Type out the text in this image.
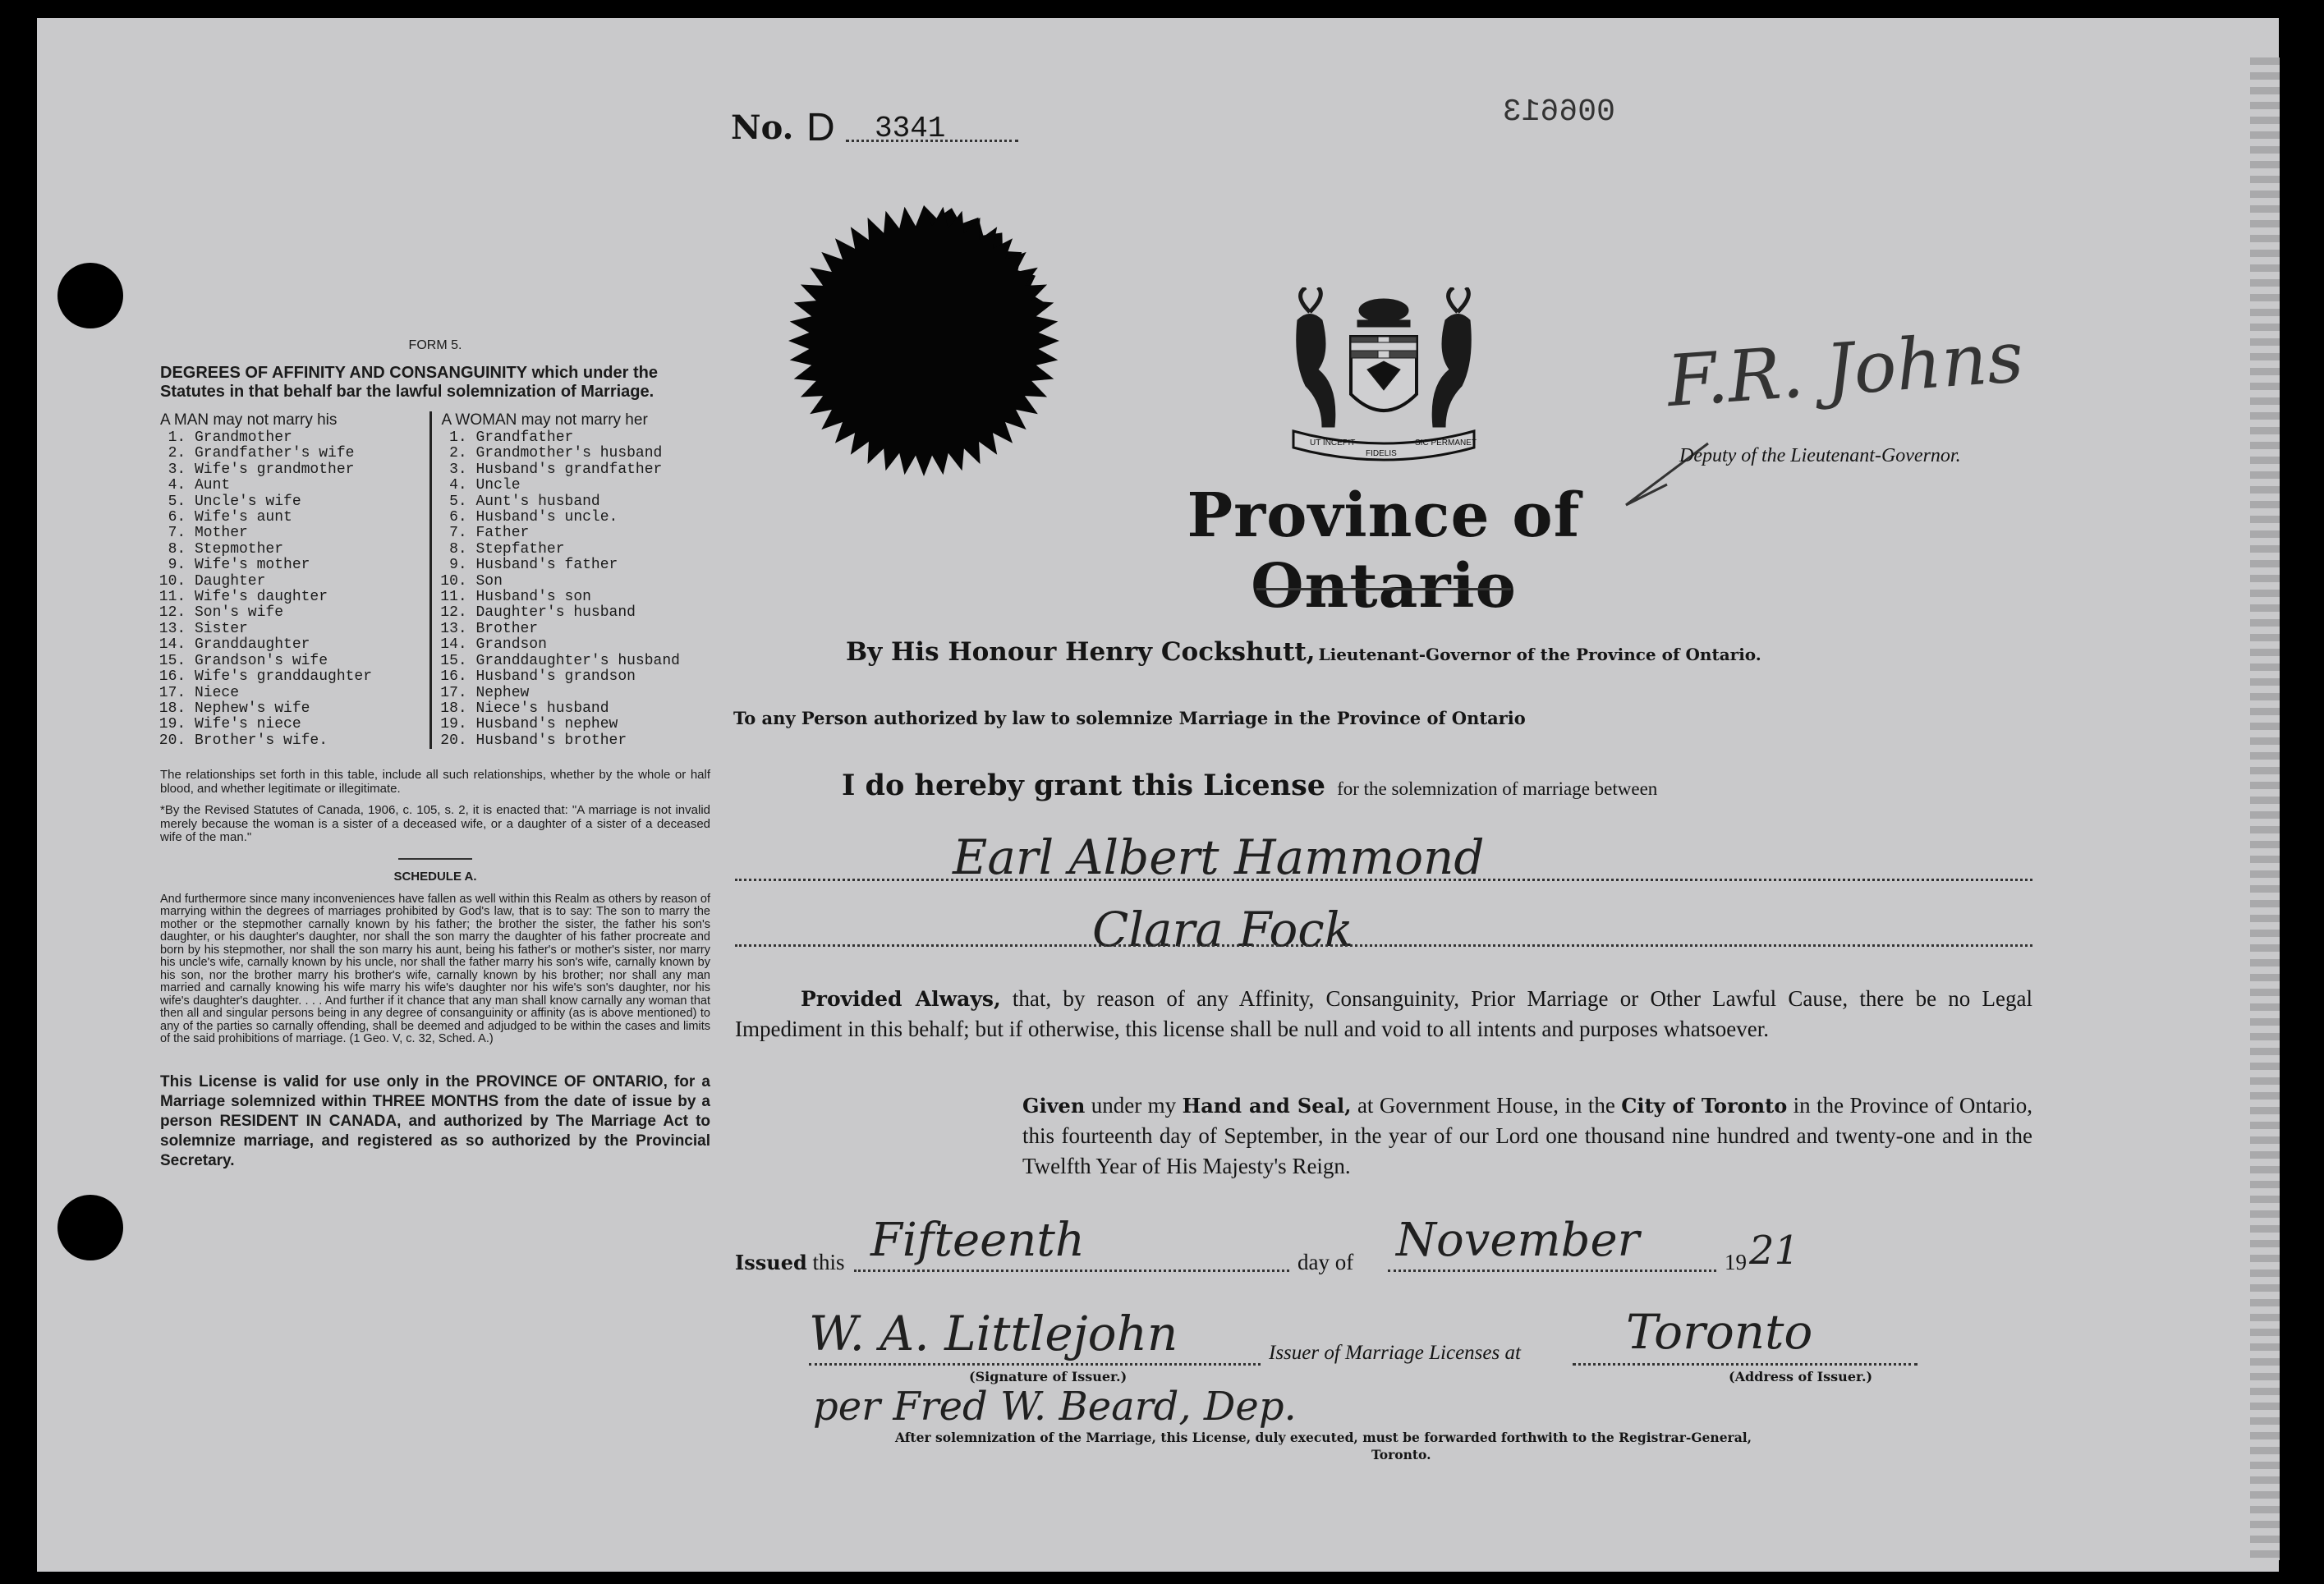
No. D 3341	006613
FORM 5.
DEGREES OF AFFINITY AND CONSANGUINITY which under the Statutes in that behalf bar the lawful solemnization of Marriage.
A MAN may not marry his
1. Grandmother
2. Grandfather's wife
3. Wife's grandmother
4. Aunt
5. Uncle's wife
6. Wife's aunt
7. Mother
8. Stepmother
9. Wife's mother
10. Daughter
11. Wife's daughter
12. Son's wife
13. Sister
14. Granddaughter
15. Grandson's wife
16. Wife's granddaughter
17. Niece
18. Nephew's wife
19. Wife's niece
20. Brother's wife.
A WOMAN may not marry her
1. Grandfather
2. Grandmother's husband
3. Husband's grandfather
4. Uncle
5. Aunt's husband
6. Husband's uncle.
7. Father
8. Stepfather
9. Husband's father
10. Son
11. Husband's son
12. Daughter's husband
13. Brother
14. Grandson
15. Granddaughter's husband
16. Husband's grandson
17. Nephew
18. Niece's husband
19. Husband's nephew
20. Husband's brother
The relationships set forth in this table, include all such relationships, whether by the whole or half blood, and whether legitimate or illegitimate.
*By the Revised Statutes of Canada, 1906, c. 105, s. 2, it is enacted that: "A marriage is not invalid merely because the woman is a sister of a deceased wife, or a daughter of a sister of a deceased wife of the man."
SCHEDULE A.
And furthermore since many inconveniences have fallen as well within this Realm as others by reason of marrying within the degrees of marriages prohibited by God's law, that is to say: The son to marry the mother or the stepmother carnally known by his father; the brother the sister, the father his son's daughter, or his daughter's daughter, nor shall the son marry the daughter of his father procreate and born by his stepmother, nor shall the son marry his aunt, being his father's or mother's sister, nor marry his uncle's wife, carnally known by his uncle, nor shall the father marry his son's wife, carnally known by his son, nor the brother marry his brother's wife, carnally known by his brother; nor shall any man married and carnally knowing his wife marry his wife's daughter nor his wife's son's daughter, nor his wife's daughter's daughter. . . . And further if it chance that any man shall know carnally any woman that then all and singular persons being in any degree of consanguinity or affinity (as is above mentioned) to any of the parties so carnally offending, shall be deemed and adjudged to be within the cases and limits of the said prohibitions of marriage. (1 Geo. V, c. 32, Sched. A.)
This License is valid for use only in the PROVINCE OF ONTARIO, for a Marriage solemnized within THREE MONTHS from the date of issue by a person RESIDENT IN CANADA, and authorized by The Marriage Act to solemnize marriage, and registered as so authorized by the Provincial Secretary.
UT INCEPIT
FIDELIS
SIC PERMANET
F.R. Johns
Deputy of the Lieutenant-Governor.
Province of Ontario
By His Honour Henry Cockshutt, Lieutenant-Governor of the Province of Ontario.
To any Person authorized by law to solemnize Marriage in the Province of Ontario
I do hereby grant this License for the solemnization of marriage between
Earl Albert Hammond
Clara Fock
Provided Always, that, by reason of any Affinity, Consanguinity, Prior Marriage or Other Lawful Cause, there be no Legal Impediment in this behalf; but if otherwise, this license shall be null and void to all intents and purposes whatsoever.
Given under my Hand and Seal, at Government House, in the City of Toronto in the Province of Ontario, this fourteenth day of September, in the year of our Lord one thousand nine hundred and twenty-one and in the Twelfth Year of His Majesty's Reign.
Issued this Fifteenth	day of November	19 21
W. A. Littlejohn	Issuer of Marriage Licenses at Toronto
(Signature of Issuer.)	(Address of Issuer.)
per Fred W. Beard, Dep.
After solemnization of the Marriage, this License, duly executed, must be forwarded forthwith to the Registrar-General,
Toronto.
